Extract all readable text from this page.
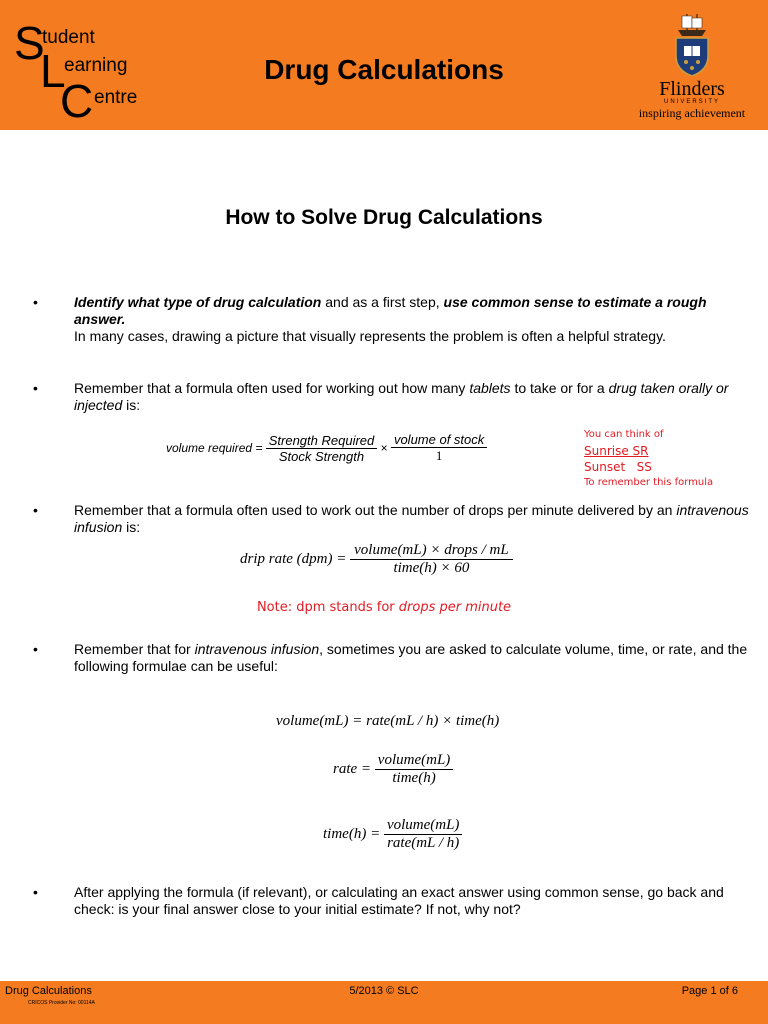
S
tudent
L
earning
C entre
Drug Calculations
Flinders
UNIVERSITY
inspiring achievement
How to Solve Drug Calculations
•	Identify what type of drug calculation and as a first step, use common sense to estimate a rough answer.
In many cases, drawing a picture that visually represents the problem is often a helpful strategy.
•	Remember that a formula often used for working out how many tablets to take or for a drug taken orally or injected is:
volume required = $\frac{\text{Strength Required}}{\text{Stock Strength}} \times \frac{\text{volume of stock}}{1}$	You can think of
Sunrise SR
Sunset   SS
To remember this formula
•	Remember that a formula often used to work out the number of drops per minute delivered by an intravenous infusion is:
drip rate $(dpm) = \frac{\text{volume(mL) × drops / mL}}{\text{time(h) × 60}}$
Note: dpm stands for drops per minute
•	Remember that for intravenous infusion, sometimes you are asked to calculate volume, time, or rate, and the following formulae can be useful:
volume(mL) = rate(mL / h) × time(h)
rate = $\frac{\text{volume(mL)}}{\text{time(h)}}$
time(h) = $\frac{\text{volume(mL)}}{\text{rate(mL / h)}}$
•	After applying the formula (if relevant), or calculating an exact answer using common sense, go back and check: is your final answer close to your initial estimate? If not, why not?
Drug Calculations
CRICOS Provider No: 00114A
5/2013 © SLC	Page 1 of 6
